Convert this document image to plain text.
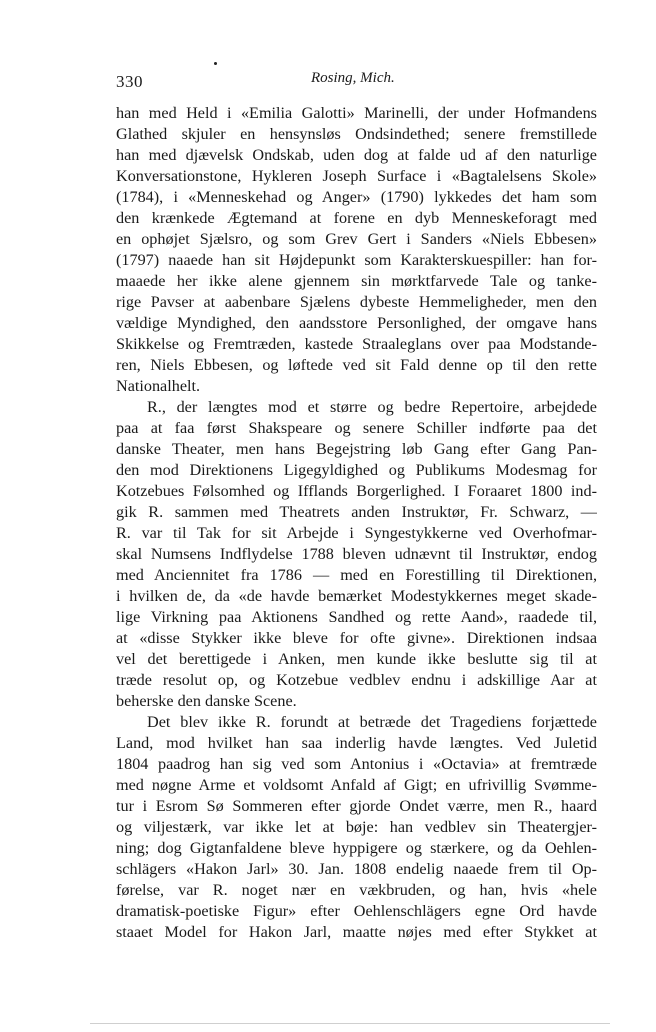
330	Rosing, Mich.
han med Held i «Emilia Galotti» Marinelli, der under Hofmandens
Glathed skjuler en hensynsløs Ondsindethed; senere fremstillede
han med djævelsk Ondskab, uden dog at falde ud af den naturlige
Konversationstone, Hykleren Joseph Surface i «Bagtalelsens Skole»
(1784), i «Menneskehad og Anger» (1790) lykkedes det ham som
den krænkede Ægtemand at forene en dyb Menneskeforagt med
en ophøjet Sjælsro, og som Grev Gert i Sanders «Niels Ebbesen»
(1797) naaede han sit Højdepunkt som Karakterskuespiller: han for-
maaede her ikke alene gjennem sin mørktfarvede Tale og tanke-
rige Pavser at aabenbare Sjælens dybeste Hemmeligheder, men den
vældige Myndighed, den aandsstore Personlighed, der omgave hans
Skikkelse og Fremtræden, kastede Straaleglans over paa Modstande-
ren, Niels Ebbesen, og løftede ved sit Fald denne op til den rette
Nationalhelt.
R., der længtes mod et større og bedre Repertoire, arbejdede
paa at faa først Shakspeare og senere Schiller indførte paa det
danske Theater, men hans Begejstring løb Gang efter Gang Pan-
den mod Direktionens Ligegyldighed og Publikums Modesmag for
Kotzebues Følsomhed og Ifflands Borgerlighed. I Foraaret 1800 ind-
gik R. sammen med Theatrets anden Instruktør, Fr. Schwarz, —
R. var til Tak for sit Arbejde i Syngestykkerne ved Overhofmar-
skal Numsens Indflydelse 1788 bleven udnævnt til Instruktør, endog
med Anciennitet fra 1786 — med en Forestilling til Direktionen,
i hvilken de, da «de havde bemærket Modestykkernes meget skade-
lige Virkning paa Aktionens Sandhed og rette Aand», raadede til,
at «disse Stykker ikke bleve for ofte givne». Direktionen indsaa
vel det berettigede i Anken, men kunde ikke beslutte sig til at
træde resolut op, og Kotzebue vedblev endnu i adskillige Aar at
beherske den danske Scene.
Det blev ikke R. forundt at betræde det Tragediens forjættede
Land, mod hvilket han saa inderlig havde længtes. Ved Juletid
1804 paadrog han sig ved som Antonius i «Octavia» at fremtræde
med nøgne Arme et voldsomt Anfald af Gigt; en ufrivillig Svømme-
tur i Esrom Sø Sommeren efter gjorde Ondet værre, men R., haard
og viljestærk, var ikke let at bøje: han vedblev sin Theatergjer-
ning; dog Gigtanfaldene bleve hyppigere og stærkere, og da Oehlen-
schlägers «Hakon Jarl» 30. Jan. 1808 endelig naaede frem til Op-
førelse, var R. noget nær en vækbruden, og han, hvis «hele
dramatisk-poetiske Figur» efter Oehlenschlägers egne Ord havde
staaet Model for Hakon Jarl, maatte nøjes med efter Stykket at
